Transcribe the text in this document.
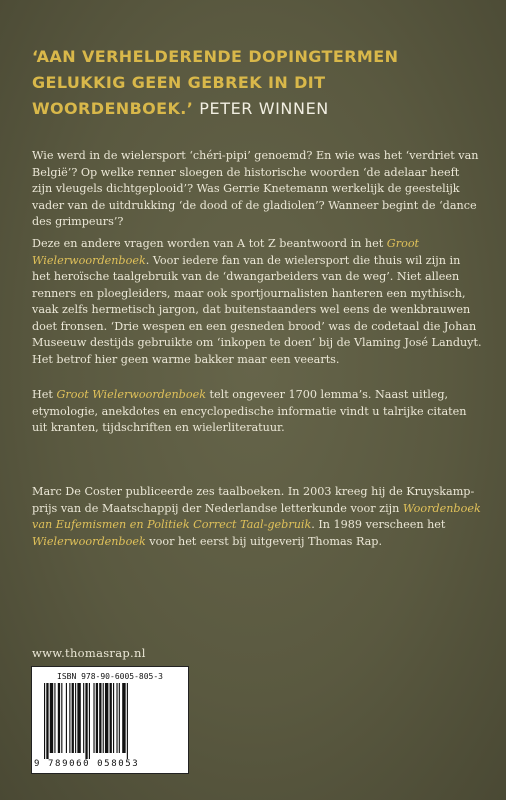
‘AAN VERHELDERENDE DOPINGTERMEN GELUKKIG GEEN GEBREK IN DIT WOORDENBOEK.’ PETER WINNEN

Wie werd in de wielersport ‘chéri-pipi’ genoemd? En wie was het ‘verdriet van België’? Op welke renner sloegen de historische woorden ‘de adelaar heeft zijn vleugels dichtgeplooid’? Was Gerrie Knetemann werkelijk de geestelijk vader van de uitdrukking ‘de dood of de gladiolen’? Wanneer begint de ‘dance des grimpeurs’?

Deze en andere vragen worden van A tot Z beantwoord in het Groot Wielerwoordenboek. Voor iedere fan van de wielersport die thuis wil zijn in het heroïsche taalgebruik van de ‘dwangarbeiders van de weg’. Niet alleen renners en ploegleiders, maar ook sportjournalisten hanteren een mythisch, vaak zelfs hermetisch jargon, dat buitenstaanders wel eens de wenkbrauwen doet fronsen. ‘Drie wespen en een gesneden brood’ was de codetaal die Johan Museeuw destijds gebruikte om ‘inkopen te doen’ bij de Vlaming José Landuyt. Het betrof hier geen warme bakker maar een veearts.

Het Groot Wielerwoordenboek telt ongeveer 1700 lemma’s. Naast uitleg, etymologie, anekdotes en encyclopedische informatie vindt u talrijke citaten uit kranten, tijdschriften en wielerliteratuur.

Marc De Coster publiceerde zes taalboeken. In 2003 kreeg hij de Kruyskamp-prijs van de Maatschappij der Nederlandse letterkunde voor zijn Woordenboek van Eufemismen en Politiek Correct Taal-gebruik. In 1989 verscheen het Wielerwoordenboek voor het eerst bij uitgeverij Thomas Rap.

www.thomasrap.nl
ISBN 978-90-6005-805-3
9 789060 058053
